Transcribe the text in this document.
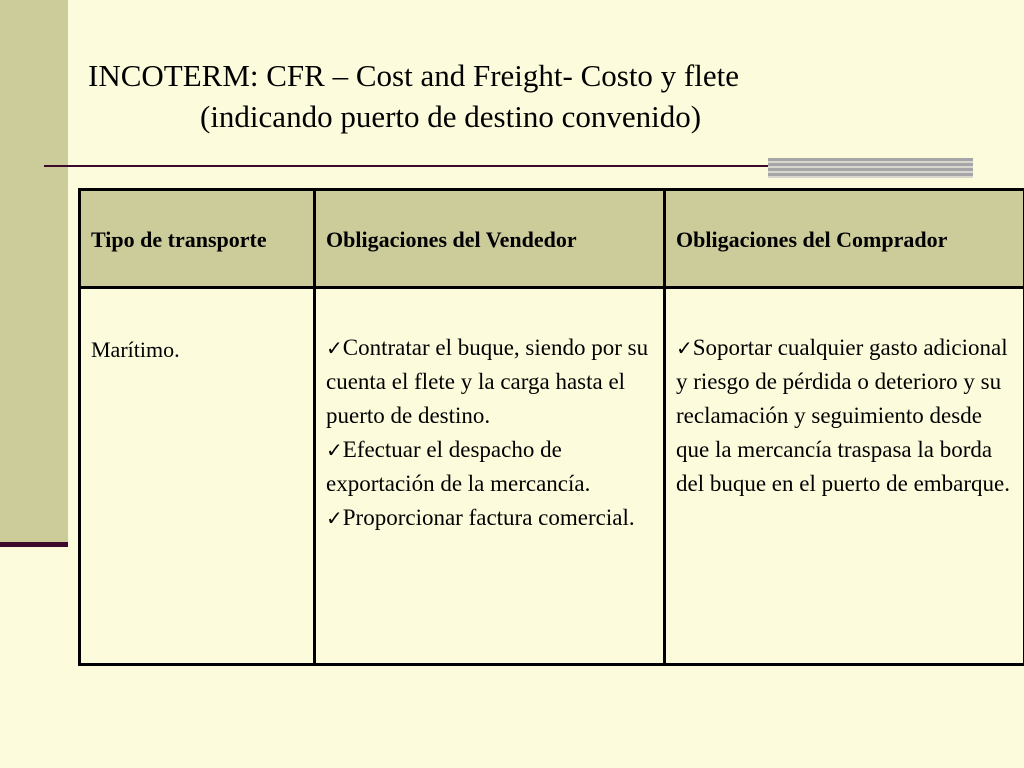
INCOTERM: CFR – Cost and Freight- Costo y flete
(indicando puerto de destino convenido)
Tipo de transporte	Obligaciones del Vendedor	Obligaciones del Comprador
Marítimo.	✓Contratar el buque, siendo por su cuenta el flete y la carga hasta el puerto de destino.
✓Efectuar el despacho de exportación de la mercancía.
✓Proporcionar factura comercial.	✓Soportar cualquier gasto adicional y riesgo de pérdida o deterioro y su reclamación y seguimiento desde que la mercancía traspasa la borda del buque en el puerto de embarque.
